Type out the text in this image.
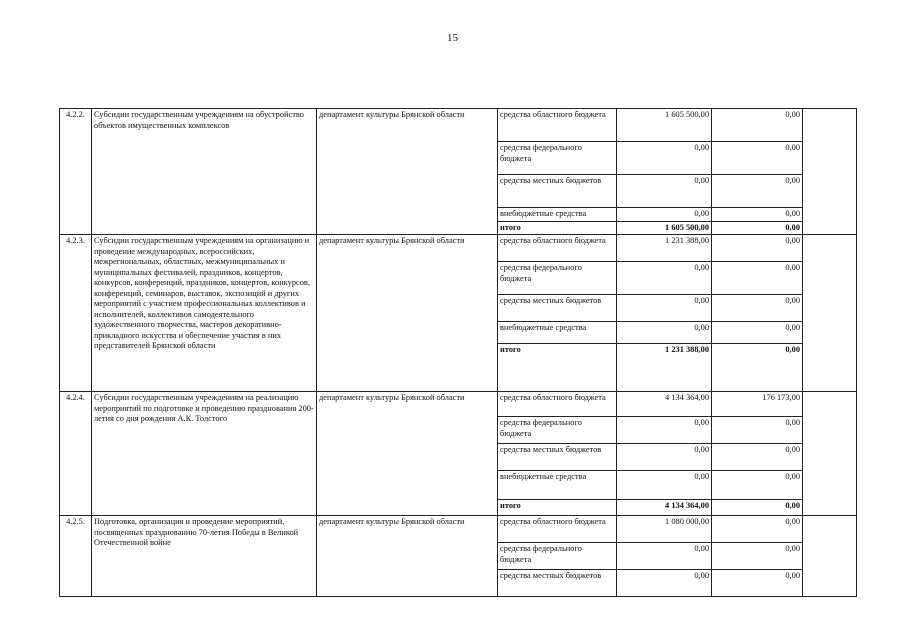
15
4.2.2.	Субсидии государственным учреждениям на обустройство объектов имущественных комплексов	департамент культуры Брянской области	средства областного бюджета	1 605 500,00	0,00	
			средства федерального бюджета	0,00	0,00	
			средства местных бюджетов	0,00	0,00	
			внебюджетные средства	0,00	0,00	
			итого	1 605 500,00	0,00	
4.2.3.	Субсидии государственным учреждениям на организацию и проведение международных, всероссийских, межрегиональных, областных, межмуниципальных и муниципальных фестивалей, праздников, концертов, конкурсов, конференций, праздников, концертов, конкурсов, конференций, семинаров, выставок, экспозиций и других мероприятий с участием профессиональных коллективов и исполнителей, коллективов самодеятельного художественного творчества, мастеров декоративно-прикладного искусства и обеспечение участия в них представителей Брянской области	департамент культуры Брянской области	средства областного бюджета	1 231 388,00	0,00	
			средства федерального бюджета	0,00	0,00	
			средства местных бюджетов	0,00	0,00	
			внебюджетные средства	0,00	0,00	
			итого	1 231 388,00	0,00	
4.2.4.	Субсидии государственным учреждениям на реализацию мероприятий по подготовке и проведению празднования 200-летия со дня рождения А.К. Толстого	департамент культуры Брянской области	средства областного бюджета	4 134 364,00	176 173,00	
			средства федерального бюджета	0,00	0,00	
			средства местных бюджетов	0,00	0,00	
			внебюджетные средства	0,00	0,00	
			итого	4 134 364,00	0,00	
4.2.5.	Подготовка, организация и проведение мероприятий, посвященных празднованию 70-летия Победы в Великой Отечественной войне	департамент культуры Брянской области	средства областного бюджета	1 080 000,00	0,00	
			средства федерального бюджета	0,00	0,00	
			средства местных бюджетов	0,00	0,00	
